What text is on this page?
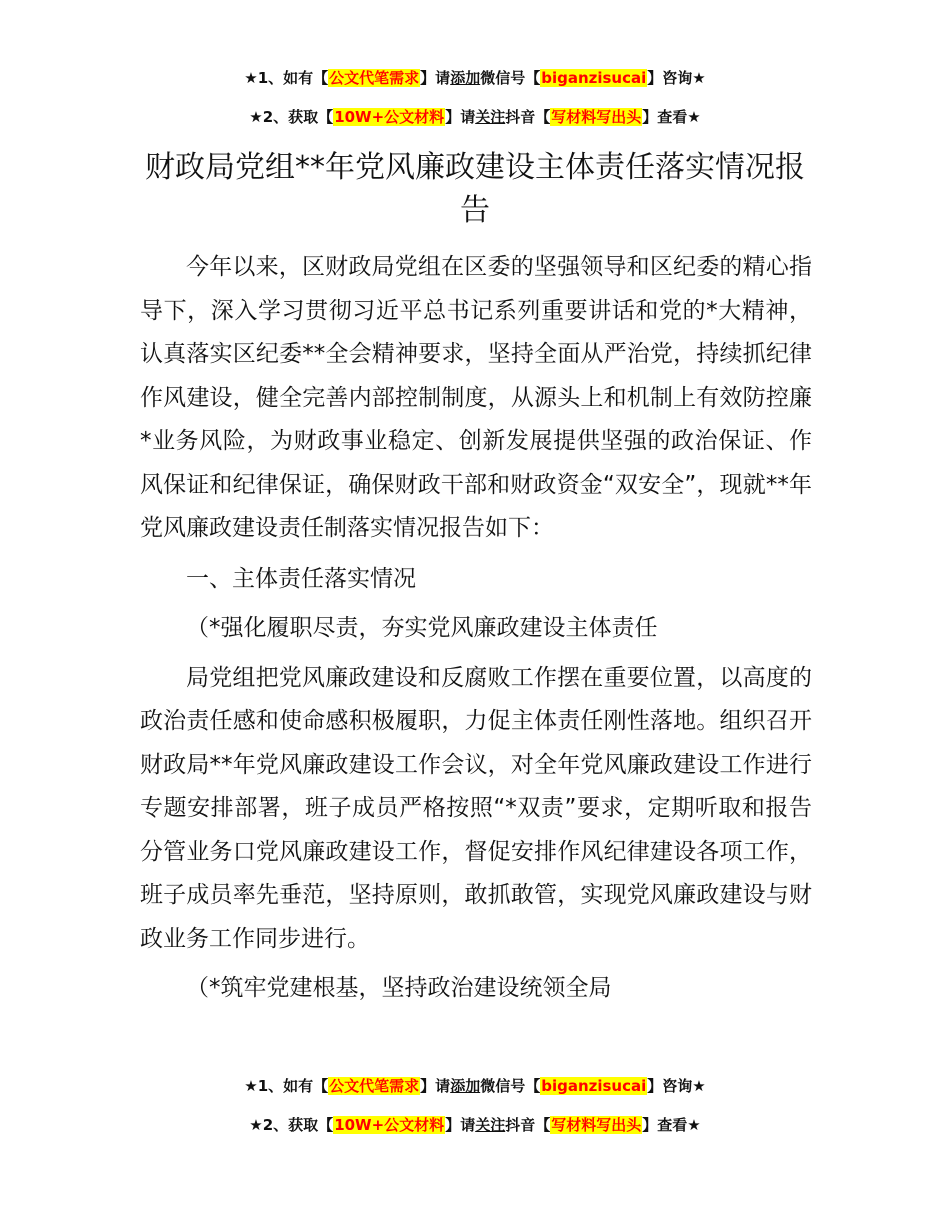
★1、如有【公文代笔需求】请添加微信号【biganzisucai】咨询★
★2、获取【10W+公文材料】请关注抖音【写材料写出头】查看★
财政局党组**年党风廉政建设主体责任落实情况报告

今年以来，区财政局党组在区委的坚强领导和区纪委的精心指导下，深入学习贯彻习近平总书记系列重要讲话和党的*大精神，认真落实区纪委**全会精神要求，坚持全面从严治党，持续抓纪律作风建设，健全完善内部控制制度，从源头上和机制上有效防控廉*业务风险，为财政事业稳定、创新发展提供坚强的政治保证、作风保证和纪律保证，确保财政干部和财政资金“双安全”，现就**年党风廉政建设责任制落实情况报告如下：

一、主体责任落实情况

（*强化履职尽责，夯实党风廉政建设主体责任

局党组把党风廉政建设和反腐败工作摆在重要位置，以高度的政治责任感和使命感积极履职，力促主体责任刚性落地。组织召开财政局**年党风廉政建设工作会议，对全年党风廉政建设工作进行专题安排部署，班子成员严格按照“*双责”要求，定期听取和报告分管业务口党风廉政建设工作，督促安排作风纪律建设各项工作，班子成员率先垂范，坚持原则，敢抓敢管，实现党风廉政建设与财政业务工作同步进行。

（*筑牢党建根基，坚持政治建设统领全局

★1、如有【公文代笔需求】请添加微信号【biganzisucai】咨询★
★2、获取【10W+公文材料】请关注抖音【写材料写出头】查看★
